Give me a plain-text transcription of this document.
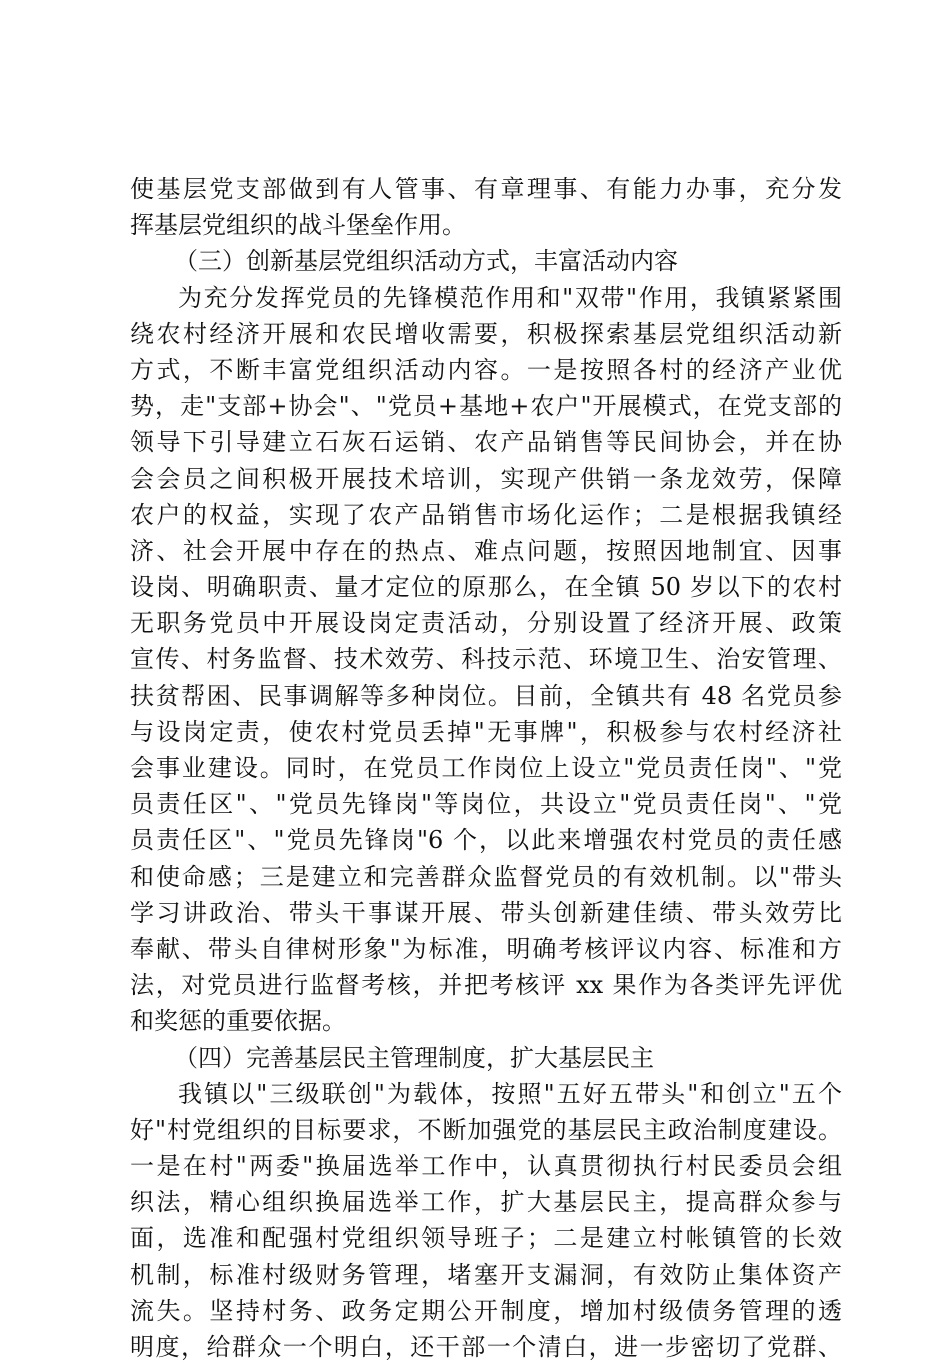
使基层党支部做到有人管事、有章理事、有能力办事，充分发
挥基层党组织的战斗堡垒作用。
（三）创新基层党组织活动方式，丰富活动内容
为充分发挥党员的先锋模范作用和"双带"作用，我镇紧紧围
绕农村经济开展和农民增收需要，积极探索基层党组织活动新
方式，不断丰富党组织活动内容。一是按照各村的经济产业优
势，走"支部+协会"、"党员+基地+农户"开展模式，在党支部的
领导下引导建立石灰石运销、农产品销售等民间协会，并在协
会会员之间积极开展技术培训，实现产供销一条龙效劳，保障
农户的权益，实现了农产品销售市场化运作；二是根据我镇经
济、社会开展中存在的热点、难点问题，按照因地制宜、因事
设岗、明确职责、量才定位的原那么，在全镇 50 岁以下的农村
无职务党员中开展设岗定责活动，分别设置了经济开展、政策
宣传、村务监督、技术效劳、科技示范、环境卫生、治安管理、
扶贫帮困、民事调解等多种岗位。目前，全镇共有 48 名党员参
与设岗定责，使农村党员丢掉"无事牌"，积极参与农村经济社
会事业建设。同时，在党员工作岗位上设立"党员责任岗"、"党
员责任区"、"党员先锋岗"等岗位，共设立"党员责任岗"、"党
员责任区"、"党员先锋岗"6 个，以此来增强农村党员的责任感
和使命感；三是建立和完善群众监督党员的有效机制。以"带头
学习讲政治、带头干事谋开展、带头创新建佳绩、带头效劳比
奉献、带头自律树形象"为标准，明确考核评议内容、标准和方
法，对党员进行监督考核，并把考核评 xx 果作为各类评先评优
和奖惩的重要依据。
（四）完善基层民主管理制度，扩大基层民主
我镇以"三级联创"为载体，按照"五好五带头"和创立"五个
好"村党组织的目标要求，不断加强党的基层民主政治制度建设。
一是在村"两委"换届选举工作中，认真贯彻执行村民委员会组
织法，精心组织换届选举工作，扩大基层民主，提高群众参与
面，选准和配强村党组织领导班子；二是建立村帐镇管的长效
机制，标准村级财务管理，堵塞开支漏洞，有效防止集体资产
流失。坚持村务、政务定期公开制度，增加村级债务管理的透
明度，给群众一个明白，还干部一个清白，进一步密切了党群、
